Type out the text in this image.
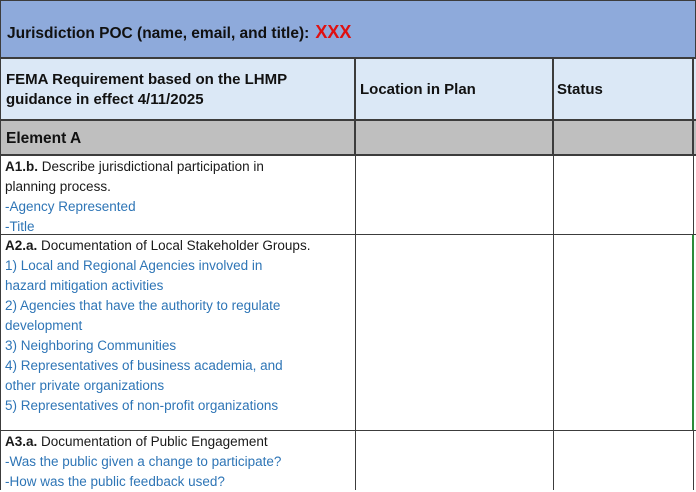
Jurisdiction POC (name, email, and title): XXX
FEMA Requirement based on the LHMP
guidance in effect 4/11/2025
Location in Plan	Status
Element A
A1.b. Describe jurisdictional participation in
planning process.
-Agency Represented
-Title
A2.a. Documentation of Local Stakeholder Groups.
1) Local and Regional Agencies involved in
hazard mitigation activities
2) Agencies that have the authority to regulate
development
3) Neighboring Communities
4) Representatives of business academia, and
other private organizations
5) Representatives of non-profit organizations
A3.a. Documentation of Public Engagement
-Was the public given a change to participate?
-How was the public feedback used?
